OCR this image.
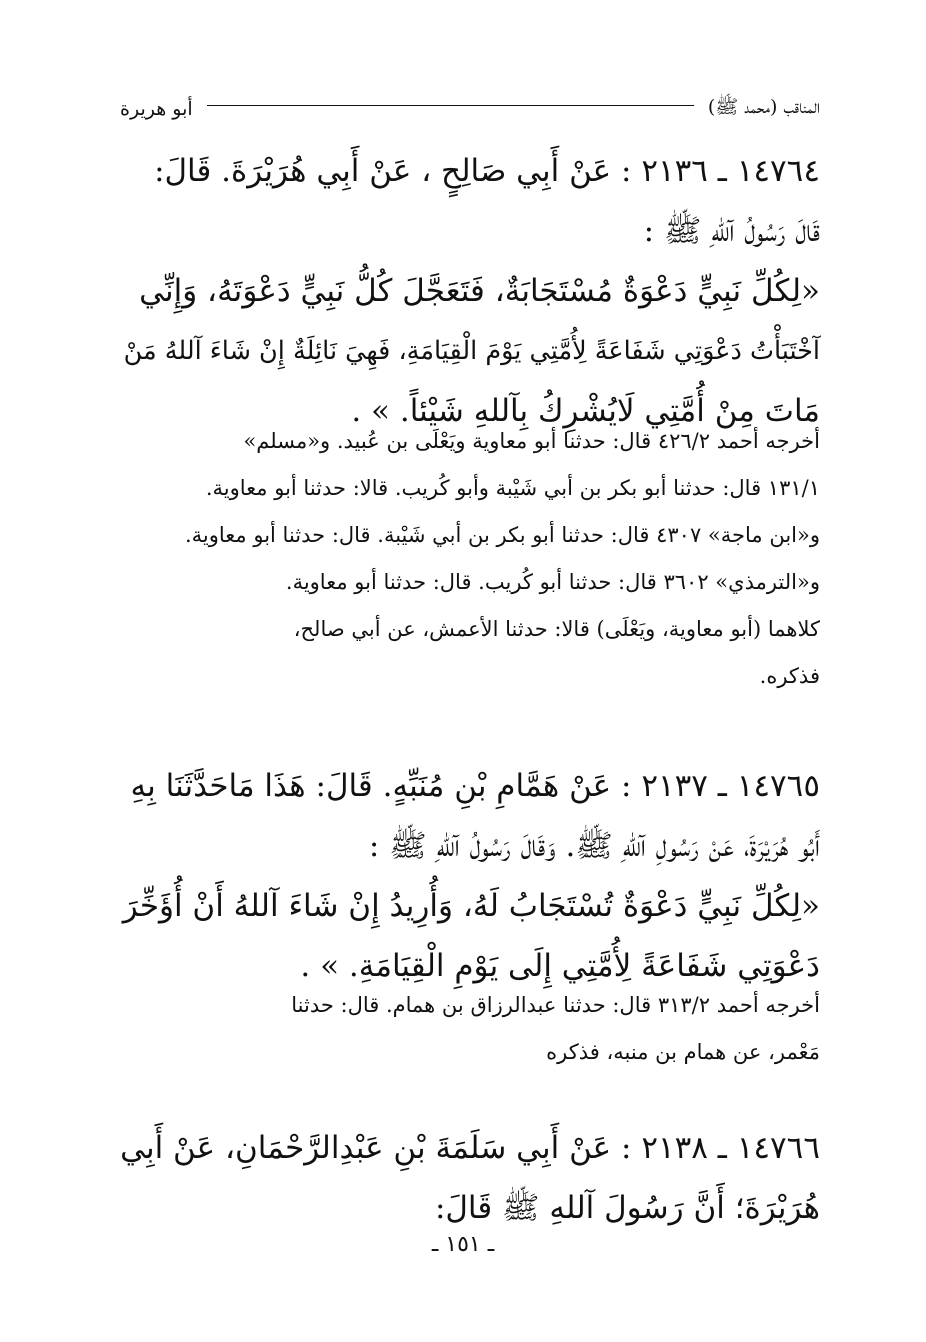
المناقب (محمد ﷺ)
أبو هريرة
١٤٧٦٤ ـ ٢١٣٦ : عَنْ أَبِي صَالِحٍ ، عَنْ أَبِي هُرَيْرَةَ. قَالَ:
قَالَ رَسُولُ آللهِ ﷺ :
«لِكُلِّ نَبِيٍّ دَعْوَةٌ مُسْتَجَابَةٌ، فَتَعَجَّلَ كُلُّ نَبِيٍّ دَعْوَتَهُ، وَإِنِّي
آخْتَبَأْتُ دَعْوَتِي شَفَاعَةً لِأُمَّتِي يَوْمَ الْقِيَامَةِ، فَهِيَ نَائِلَةٌ إِنْ شَاءَ آللهُ مَنْ
مَاتَ مِنْ أُمَّتِي لَايُشْرِكُ بِآللهِ شَيْئاً. » .
أخرجه أحمد ٤٢٦/٢ قال: حدثنا أبو معاوية ويَعْلَى بن عُبيد. و«مسلم»
١٣١/١ قال: حدثنا أبو بكر بن أبي شَيْبة وأبو كُريب. قالا: حدثنا أبو معاوية.
و«ابن ماجة» ٤٣٠٧ قال: حدثنا أبو بكر بن أبي شَيْبة. قال: حدثنا أبو معاوية.
و«الترمذي» ٣٦٠٢ قال: حدثنا أبو كُريب. قال: حدثنا أبو معاوية.
كلاهما (أبو معاوية، ويَعْلَى) قالا: حدثنا الأعمش، عن أبي صالح،
فذكره.
١٤٧٦٥ ـ ٢١٣٧ : عَنْ هَمَّامِ بْنِ مُنَبِّهٍ. قَالَ: هَذَا مَاحَدَّثَنَا بِهِ
أَبُو هُرَيْرَةَ، عَنْ رَسُولِ آللهِ ﷺ. وَقَالَ رَسُولُ آللهِ ﷺ :
«لِكُلِّ نَبِيٍّ دَعْوَةٌ تُسْتَجَابُ لَهُ، وَأُرِيدُ إِنْ شَاءَ آللهُ أَنْ أُؤَخِّرَ
دَعْوَتِي شَفَاعَةً لِأُمَّتِي إِلَى يَوْمِ الْقِيَامَةِ. » .
أخرجه أحمد ٣١٣/٢ قال: حدثنا عبدالرزاق بن همام. قال: حدثنا
مَعْمر، عن همام بن منبه، فذكره
١٤٧٦٦ ـ ٢١٣٨ : عَنْ أَبِي سَلَمَةَ بْنِ عَبْدِالرَّحْمَانِ، عَنْ أَبِي
هُرَيْرَةَ؛ أَنَّ رَسُولَ آللهِ ﷺ قَالَ:
ـ ١٥١ ـ
